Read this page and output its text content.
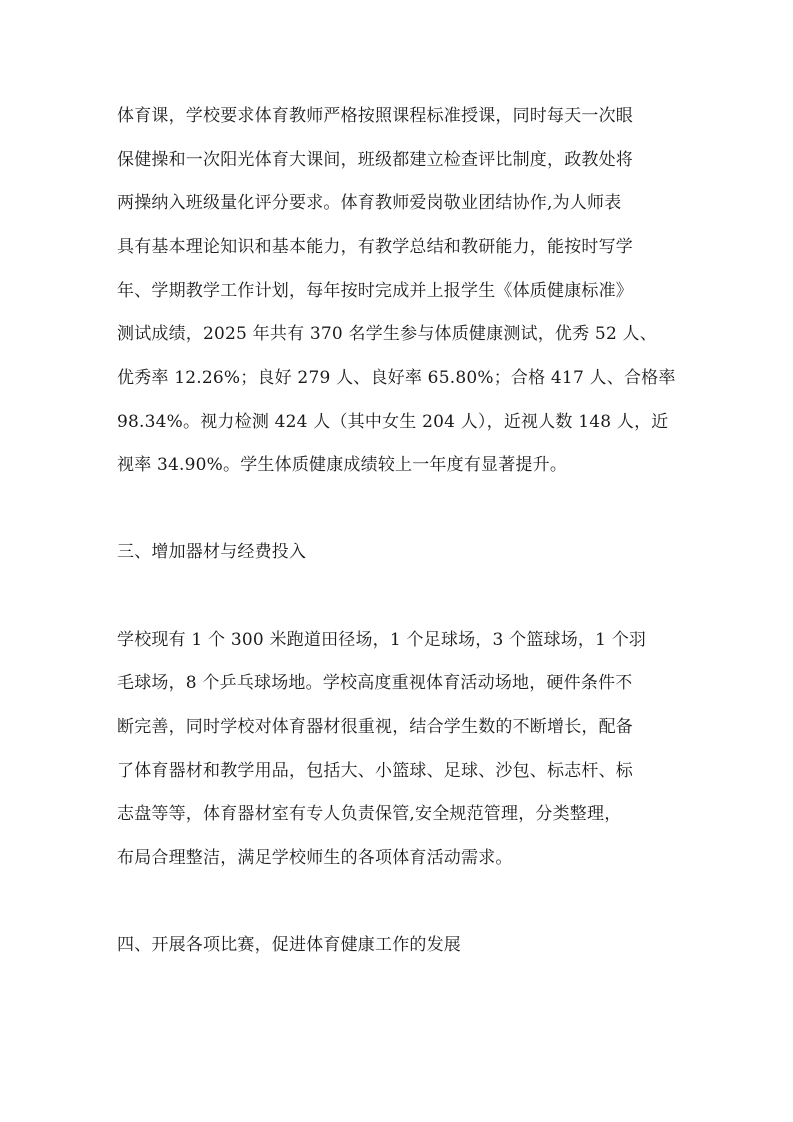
体育课，学校要求体育教师严格按照课程标准授课，同时每天一次眼
保健操和一次阳光体育大课间，班级都建立检查评比制度，政教处将
两操纳入班级量化评分要求。体育教师爱岗敬业团结协作,为人师表
具有基本理论知识和基本能力，有教学总结和教研能力，能按时写学
年、学期教学工作计划，每年按时完成并上报学生《体质健康标准》
测试成绩，2025 年共有 370 名学生参与体质健康测试，优秀 52 人、
优秀率 12.26%；良好 279 人、良好率 65.80%；合格 417 人、合格率
98.34%。视力检测 424 人（其中女生 204 人），近视人数 148 人，近
视率 34.90%。学生体质健康成绩较上一年度有显著提升。
三、增加器材与经费投入
学校现有 1 个 300 米跑道田径场，1 个足球场，3 个篮球场，1 个羽
毛球场，8 个乒乓球场地。学校高度重视体育活动场地，硬件条件不
断完善，同时学校对体育器材很重视，结合学生数的不断增长，配备
了体育器材和教学用品，包括大、小篮球、足球、沙包、标志杆、标
志盘等等，体育器材室有专人负责保管,安全规范管理，分类整理，
布局合理整洁，满足学校师生的各项体育活动需求。
四、开展各项比赛，促进体育健康工作的发展
